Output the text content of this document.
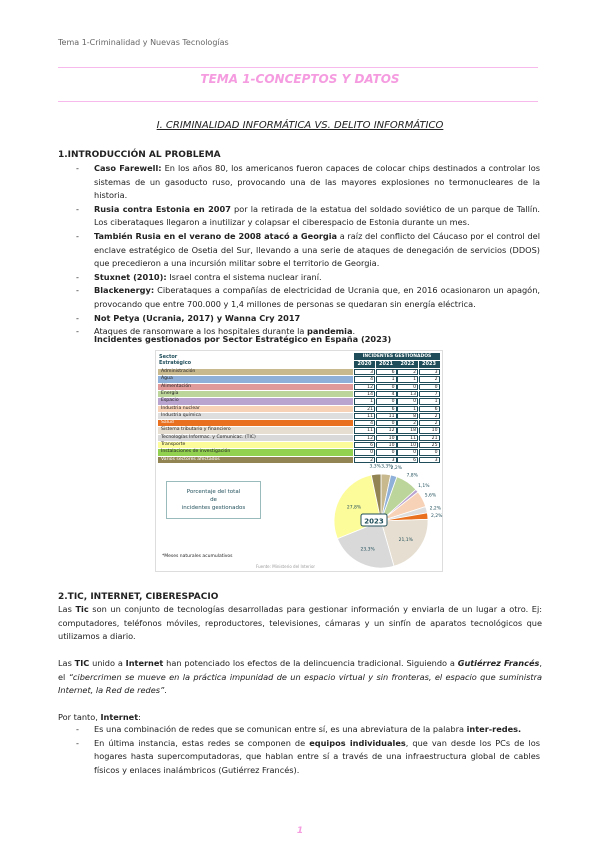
Tema 1-Criminalidad y Nuevas Tecnologías
TEMA 1-CONCEPTOS Y DATOS
I. CRIMINALIDAD INFORMÁTICA VS. DELITO INFORMÁTICO
1.INTRODUCCIÓN AL PROBLEMA
- Caso Farewell: En los años 80, los americanos fueron capaces de colocar chips destinados a controlar los sistemas de un gasoducto ruso, provocando una de las mayores explosiones no termonucleares de la historia.
- Rusia contra Estonia en 2007 por la retirada de la estatua del soldado soviético de un parque de Tallín. Los ciberataques llegaron a inutilizar y colapsar el ciberespacio de Estonia durante un mes.
- También Rusia en el verano de 2008 atacó a Georgia a raíz del conflicto del Cáucaso por el control del enclave estratégico de Osetia del Sur, llevando a una serie de ataques de denegación de servicios (DDOS) que precedieron a una incursión militar sobre el territorio de Georgia.
- Stuxnet (2010): Israel contra el sistema nuclear iraní.
- Blackenergy: Ciberataques a compañías de electricidad de Ucrania que, en 2016 ocasionaron un apagón, provocando que entre 700.000 y 1,4 millones de personas se quedaran sin energía eléctrica.
- Not Petya (Ucrania, 2017) y Wanna Cry 2017
- Ataques de ransomware a los hospitales durante la pandemia.
Incidentes gestionados por Sector Estratégico en España (2023)
Sector Estratégico
INCIDENTES GESTIONADOS
2020	2021	2022	2023
Administración	3	6	2	3
Agua	4	1	1	2
Alimentación	12	0	0	0
Energía	14	4	13	7
Espacio	1	0	0	1
Industria nuclear	21	6	1	6
Industria química	11	11	8	2
Salud	4	0	2	2
Sistema tributario y financiero	11	12	18	10
Tecnologías Informac. y Comunicac. (TIC)	12	10	11	21
Transporte	6	10	10	25
Instalaciones de investigación	0	0	0	0
Varios sectores afectados	2	3	6	3
Porcentaje del total
de
incidentes gestionados
*Meses naturales acumulativos
Fuente: Ministerio del Interior
3,3%
2,2%
7,8%
1,1%
5,6%
2,2%
2,2%
21,1%
23,3%
27,8%
3,3%
2023
2.TIC, INTERNET, CIBERESPACIO
Las Tic son un conjunto de tecnologías desarrolladas para gestionar información y enviarla de un lugar a otro. Ej: computadores, teléfonos móviles, reproductores, televisiones, cámaras y un sinfín de aparatos tecnológicos que utilizamos a diario.
Las TIC unido a Internet han potenciado los efectos de la delincuencia tradicional. Siguiendo a Gutiérrez Francés, el “cibercrimen se mueve en la práctica impunidad de un espacio virtual y sin fronteras, el espacio que suministra Internet, la Red de redes”.
Por tanto, Internet:
- Es una combinación de redes que se comunican entre sí, es una abreviatura de la palabra inter-redes.
- En última instancia, estas redes se componen de equipos individuales, que van desde los PCs de los hogares hasta supercomputadoras, que hablan entre sí a través de una infraestructura global de cables físicos y enlaces inalámbricos (Gutiérrez Francés).
1
